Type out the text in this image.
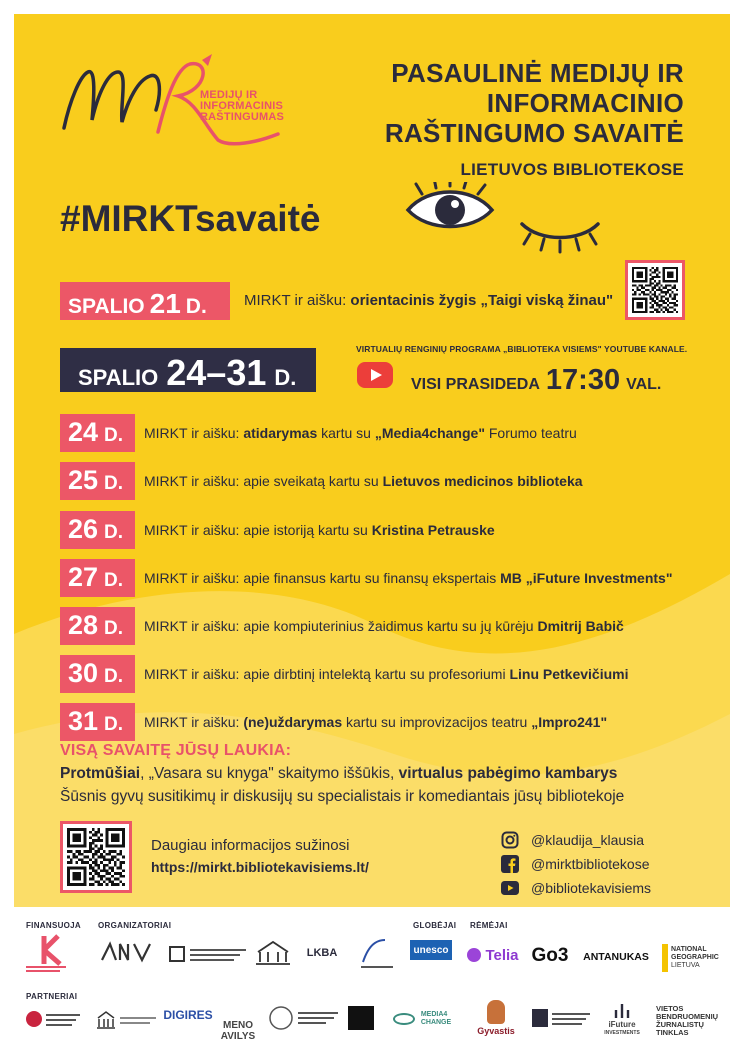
MEDIJŲ IR
INFORMACINIS
RAŠTINGUMAS
PASAULINĖ MEDIJŲ IR
INFORMACINIO
RAŠTINGUMO SAVAITĖ
LIETUVOS BIBLIOTEKOSE
#MIRKTsavaitė
SPALIO 21 D. MIRKT ir aišku: orientacinis žygis „Taigi viską žinau"
SPALIO 24–31 D.
VIRTUALIŲ RENGINIŲ PROGRAMA „BIBLIOTEKA VISIEMS" YOUTUBE KANALE.
VISI PRASIDEDA 17:30 VAL.
24 D. MIRKT ir aišku: atidarymas kartu su „Media4change" Forumo teatru
25 D. MIRKT ir aišku: apie sveikatą kartu su Lietuvos medicinos biblioteka
26 D. MIRKT ir aišku: apie istoriją kartu su Kristina Petrauske
27 D. MIRKT ir aišku: apie finansus kartu su finansų ekspertais MB „iFuture Investments"
28 D. MIRKT ir aišku: apie kompiuterinius žaidimus kartu su jų kūrėju Dmitrij Babič
30 D. MIRKT ir aišku: apie dirbtinį intelektą kartu su profesoriumi Linu Petkevičiumi
31 D. MIRKT ir aišku: (ne)uždarymas kartu su improvizacijos teatru „Impro241"
VISĄ SAVAITĘ JŪSŲ LAUKIA:
Protmūšiai, „Vasara su knyga" skaitymo iššūkis, virtualus pabėgimo kambarys
Šūsnis gyvų susitikimų ir diskusijų su specialistais ir komediantais jūsų bibliotekoje
Daugiau informacijos sužinosi
https://mirkt.bibliotekavisiems.lt/
@klaudija_klausia
@mirktbibliotekose
@bibliotekavisiems
FINANSUOJA ORGANIZATORIAI	GLOBĖJAI RĖMĖJAI
PARTNERIAI
LKBA	unesco Telia Go3	ANTANUKAS
NATIONAL
GEOGRAPHIC
LIETUVA
DIGIRES
MENO
AVILYS
MEDIA4
CHANGE
Gyvastis
iFuture
INVESTMENTS
VIETOS
BENDRUOMENIŲ
ŽURNALISTŲ
TINKLAS
